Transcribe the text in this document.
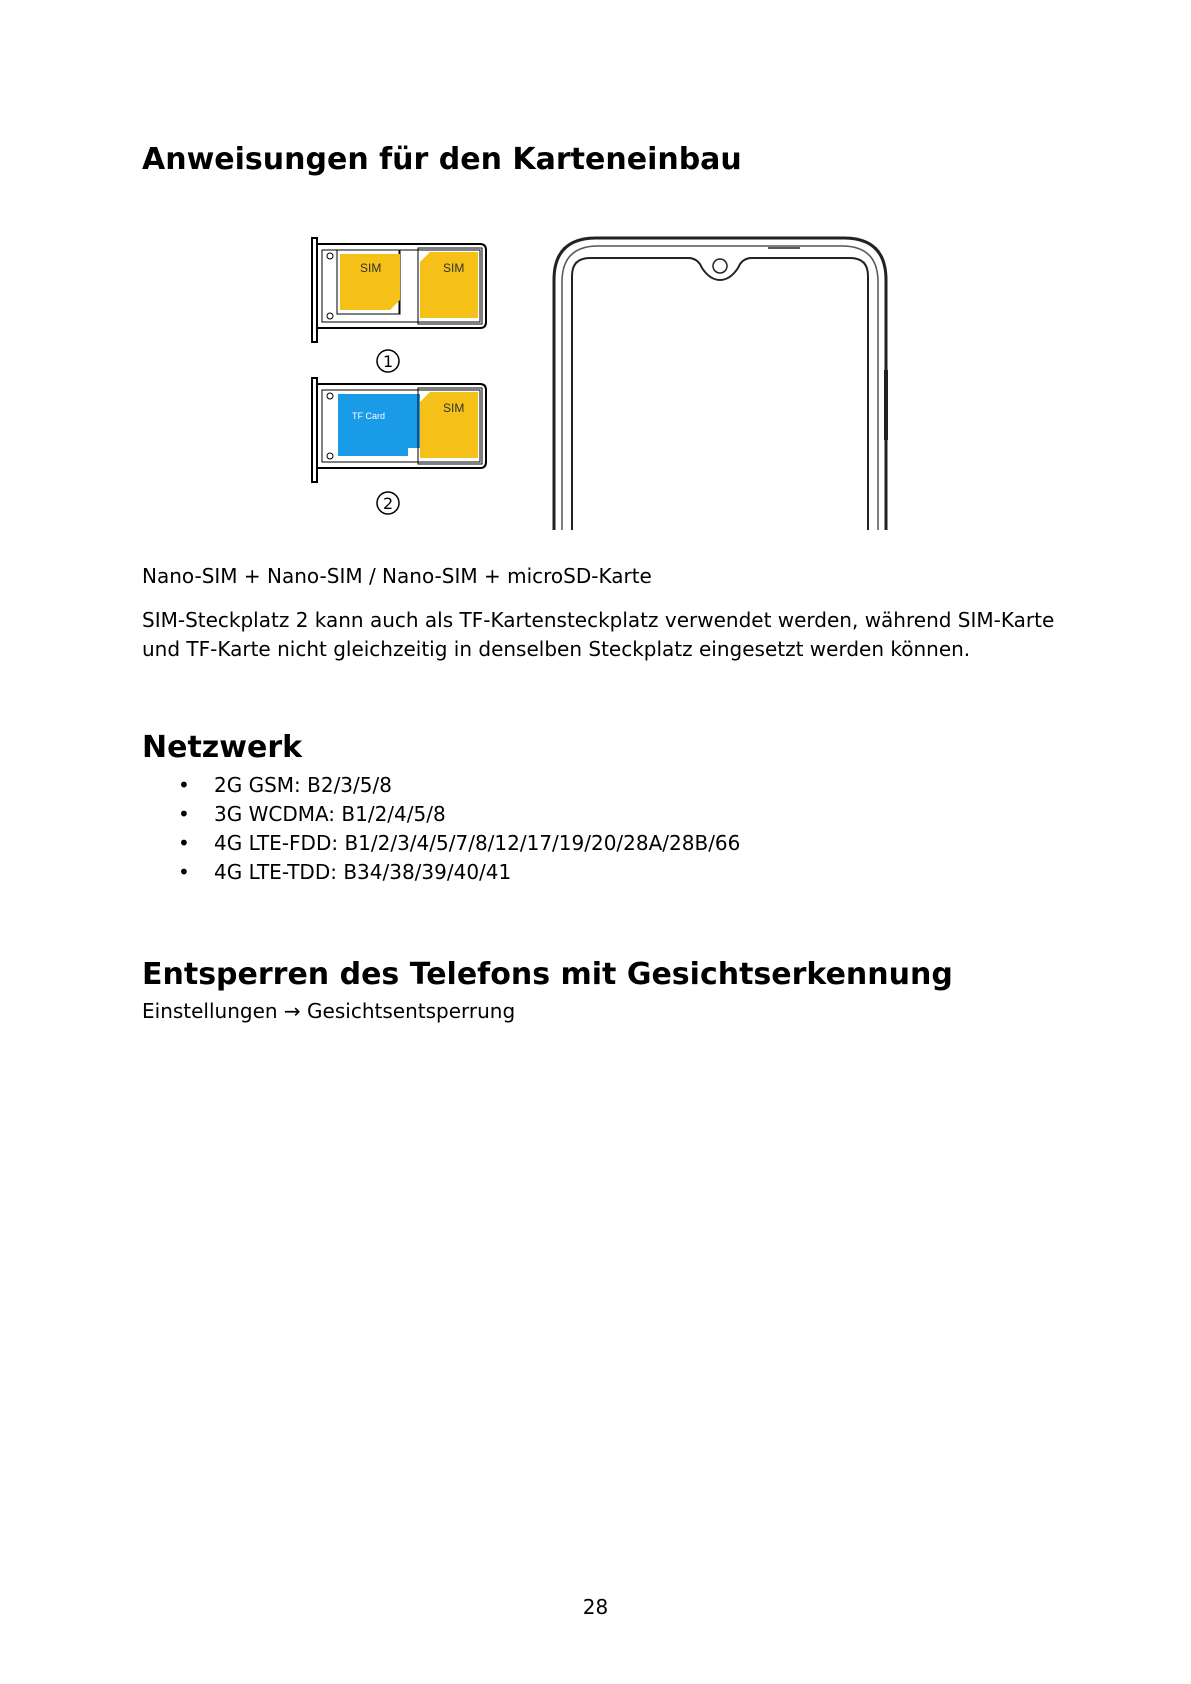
Anweisungen für den Karteneinbau
SIM	SIM
1
TF Card
SIM
2

Nano-SIM + Nano-SIM / Nano-SIM + microSD-Karte

SIM-Steckplatz 2 kann auch als TF-Kartensteckplatz verwendet werden, während SIM-Karte und TF-Karte nicht gleichzeitig in denselben Steckplatz eingesetzt werden können.

Netzwerk
• 2G GSM: B2/3/5/8
• 3G WCDMA: B1/2/4/5/8
• 4G LTE-FDD: B1/2/3/4/5/7/8/12/17/19/20/28A/28B/66
• 4G LTE-TDD: B34/38/39/40/41
Entsperren des Telefons mit Gesichtserkennung

Einstellungen → Gesichtsentsperrung

28
